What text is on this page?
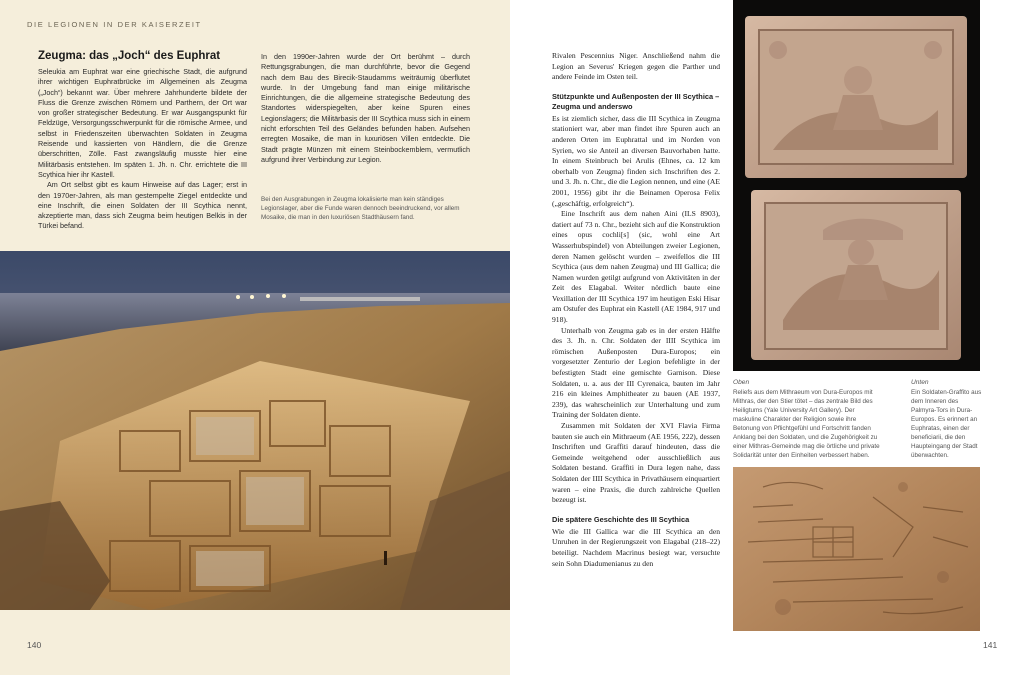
DIE LEGIONEN IN DER KAISERZEIT
Zeugma: das „Joch“ des Euphrat

Seleukia am Euphrat war eine griechische Stadt, die aufgrund ihrer wichtigen Euphratbrücke im Allgemeinen als Zeugma („Joch“) bekannt war. Über mehrere Jahrhunderte bildete der Fluss die Grenze zwischen Römern und Parthern, der Ort war von großer strategischer Bedeutung. Er war Ausgangspunkt für Feldzüge, Versorgungsschwerpunkt für die römische Armee, und selbst in Friedenszeiten überwachten Soldaten in Zeugma Reisende und kassierten von Händlern, die die Grenze überschritten, Zölle. Fast zwangsläufig musste hier eine Militärbasis entstehen. Im späten 1. Jh. n. Chr. errichtete die III Scythica hier ihr Kastell.

Am Ort selbst gibt es kaum Hinweise auf das Lager; erst in den 1970er-Jahren, als man gestempelte Ziegel entdeckte und eine Inschrift, die einen Soldaten der III Scythica nennt, akzeptierte man, dass sich Zeugma beim heutigen Belkis in der Türkei befand.

In den 1990er-Jahren wurde der Ort berühmt – durch Rettungsgrabungen, die man durchführte, bevor die Gegend nach dem Bau des Birecik-Staudamms weiträumig überflutet wurde. In der Umgebung fand man einige militärische Einrichtungen, die die allgemeine strategische Bedeutung des Standortes widerspiegelten, aber keine Spuren eines Legionslagers; die Militärbasis der III Scythica muss sich in einem nicht erforschten Teil des Geländes befunden haben. Aufsehen erregten Mosaike, die man in luxuriösen Villen entdeckte. Die Stadt prägte Münzen mit einem Steinbockemblem, vermutlich aufgrund ihrer Verbindung zur Legion.

Bei den Ausgrabungen in Zeugma lokalisierte man kein ständiges Legionslager, aber die Funde waren dennoch beeindruckend, vor allem Mosaike, die man in den luxuriösen Stadthäusern fand.
140

Rivalen Pescennius Niger. Anschließend nahm die Legion an Severus' Kriegen gegen die Parther und andere Feinde im Osten teil.

Stützpunkte und Außenposten der III Scythica – Zeugma und anderswo

Es ist ziemlich sicher, dass die III Scythica in Zeugma stationiert war, aber man findet ihre Spuren auch an anderen Orten im Euphrattal und im Norden von Syrien, wo sie Anteil an diversen Bauvorhaben hatte. In einem Steinbruch bei Arulis (Ehnes, ca. 12 km oberhalb von Zeugma) finden sich Inschriften des 2. und 3. Jh. n. Chr., die die Legion nennen, und eine (AE 2001, 1956) gibt ihr die Beinamen Operosa Felix („geschäftig, erfolgreich“).

Eine Inschrift aus dem nahen Aini (ILS 8903), datiert auf 73 n. Chr., bezieht sich auf die Konstruktion eines opus cochli[s] (sic, wohl eine Art Wasserhubspindel) von Abteilungen zweier Legionen, deren Namen gelöscht wurden – zweifellos die III Scythica (aus dem nahen Zeugma) und III Gallica; die Namen wurden getilgt aufgrund von Aktivitäten in der Zeit des Elagabal. Weiter nördlich baute eine Vexillation der III Scythica 197 im heutigen Eski Hisar am Ostufer des Euphrat ein Kastell (AE 1984, 917 und 918).

Unterhalb von Zeugma gab es in der ersten Hälfte des 3. Jh. n. Chr. Soldaten der IIII Scythica im römischen Außenposten Dura-Europos; ein vorgesetzter Zenturio der Legion befehligte in der befestigten Stadt eine gemischte Garnison. Diese Soldaten, u. a. aus der III Cyrenaica, bauten im Jahr 216 ein kleines Amphitheater zu bauen (AE 1937, 239), das wahrscheinlich zur Unterhaltung und zum Training der Soldaten diente.

Zusammen mit Soldaten der XVI Flavia Firma bauten sie auch ein Mithraeum (AE 1956, 222), dessen Inschriften und Graffiti darauf hindeuten, dass die Gemeinde weitgehend oder ausschließlich aus Soldaten bestand. Graffiti in Dura legen nahe, dass Soldaten der IIII Scythica in Privathäusern einquartiert waren – eine Praxis, die durch zahlreiche Quellen bezeugt ist.

Die spätere Geschichte des III Scythica

Wie die III Gallica war die III Scythica an den Unruhen in der Regierungszeit von Elagabal (218–22) beteiligt. Nachdem Macrinus besiegt war, versuchte sein Sohn Diadumenianus zu den

Oben
Reliefs aus dem Mithraeum von Dura-Europos mit Mithras, der den Stier tötet – das zentrale Bild des Heiligtums (Yale University Art Gallery). Der maskuline Charakter der Religion sowie ihre Betonung von Pflichtgefühl und Fortschritt fanden Anklang bei den Soldaten, und die Zugehörigkeit zu einer Mithras-Gemeinde mag die örtliche und private Solidarität unter den Einheiten verbessert haben.
Unten
Ein Soldaten-Graffito aus dem Inneren des Palmyra-Tors in Dura-Europos. Es erinnert an Euphratas, einen der beneficiarii, die den Haupteingang der Stadt überwachten.
141
